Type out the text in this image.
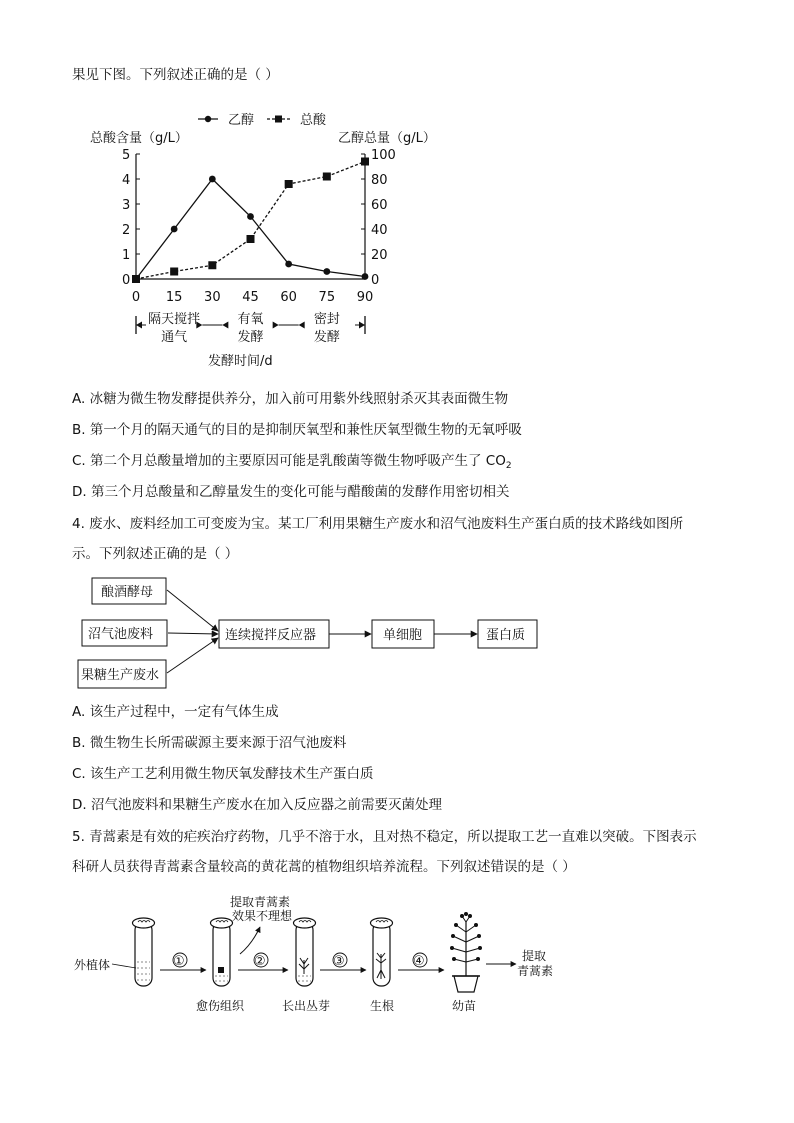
果见下图。下列叙述正确的是（ ）
乙醇	总酸
总酸含量（g/L）	乙醇总量（g/L）
5
4
3
2
1
0
100
80
60
40
20
0
0 15 30 45 60 75 90
隔天搅拌
通气
有氧
发酵
密封
发酵
发酵时间/d
A. 冰糖为微生物发酵提供养分，加入前可用紫外线照射杀灭其表面微生物
B. 第一个月的隔天通气的目的是抑制厌氧型和兼性厌氧型微生物的无氧呼吸
C. 第二个月总酸量增加的主要原因可能是乳酸菌等微生物呼吸产生了 $CO_2$
D. 第三个月总酸量和乙醇量发生的变化可能与醋酸菌的发酵作用密切相关
4. 废水、废料经加工可变废为宝。某工厂利用果糖生产废水和沼气池废料生产蛋白质的技术路线如图所
示。下列叙述正确的是（ ）
酿酒酵母
沼气池废料
果糖生产废水
连续搅拌反应器	单细胞	蛋白质
A. 该生产过程中，一定有气体生成
B. 微生物生长所需碳源主要来源于沼气池废料
C. 该生产工艺利用微生物厌氧发酵技术生产蛋白质
D. 沼气池废料和果糖生产废水在加入反应器之前需要灭菌处理
5. 青蒿素是有效的疟疾治疗药物，几乎不溶于水，且对热不稳定，所以提取工艺一直难以突破。下图表示
科研人员获得青蒿素含量较高的黄花蒿的植物组织培养流程。下列叙述错误的是（ ）
外植体	①
愈伤组织
提取青蒿素
效果不理想
②
长出丛芽
③
生根
④
幼苗
提取
青蒿素
